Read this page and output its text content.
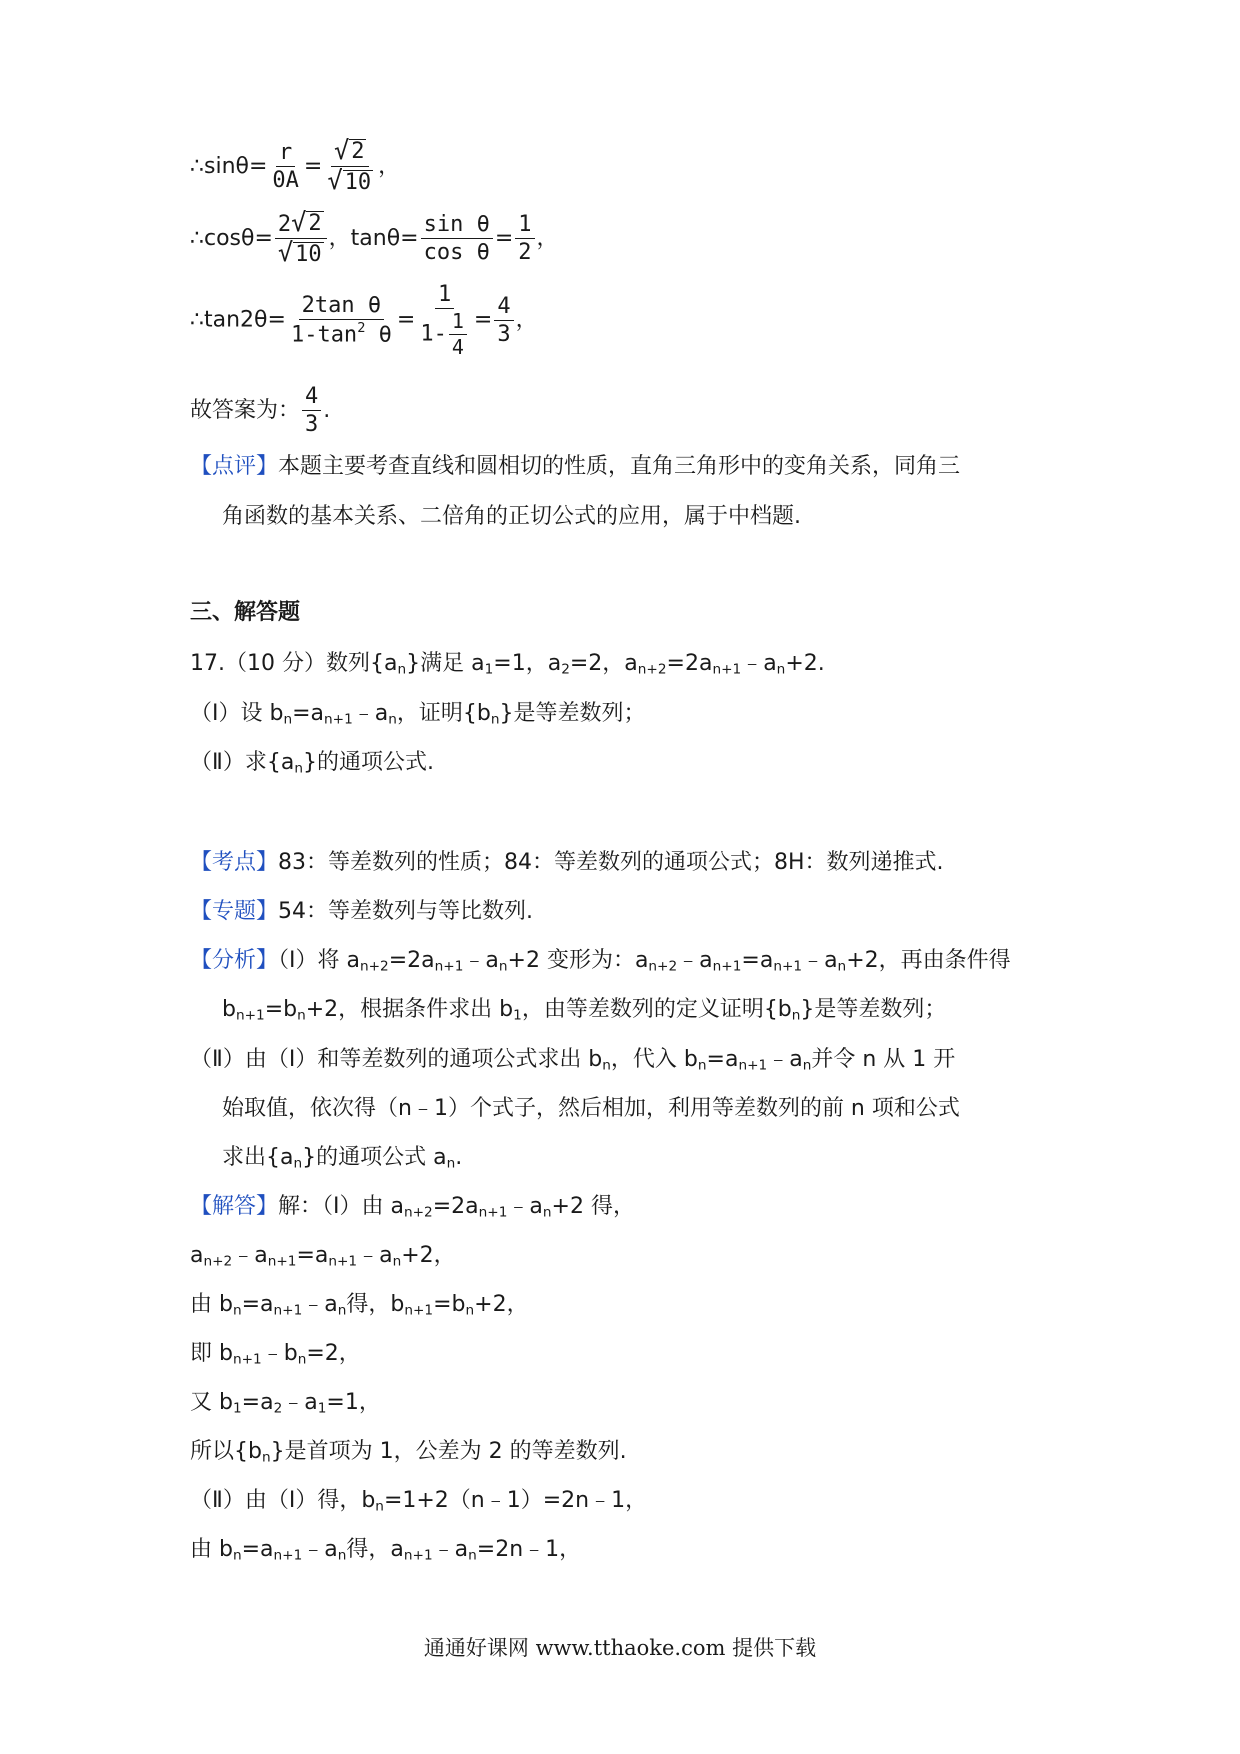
∴sinθ= $\frac{r}{0A} = \frac{√ 2}{√ 10}$ ，
∴cosθ= $\frac{2 √ 2}{√ 10}$ ，$\tan\theta= \frac{\text{sin θ}}{\text{cos θ}} = \frac{1}{2}$ ，
∴tan2θ= $\frac{\text{2tan θ}}{1-\tan^2 \theta} = \frac{1}{1- \frac{1}{4}} = \frac{4}{3}$ ，
故答案为： $\frac{4}{3}$ .
【点评】本题主要考查直线和圆相切的性质，直角三角形中的变角关系，同角三
角函数的基本关系、二倍角的正切公式的应用，属于中档题.
三、解答题
17.（10 分）数列$\{a_n\}$满足 $a_1=1$，$a_2=2$，$a_{n+2}=2a_{n+1}﹣a_n+2$.
（Ⅰ）设 $b_n=a_{n+1}﹣a_n$，证明$\{b_n\}$是等差数列；
（Ⅱ）求$\{a_n\}$的通项公式.
【考点】83：等差数列的性质；84：等差数列的通项公式；8H：数列递推式.
【专题】54：等差数列与等比数列.
【分析】（Ⅰ）将 $a_{n+2}=2a_{n+1}﹣a_n+2$ 变形为：$a_{n+2}﹣a_{n+1}=a_{n+1}﹣a_n+2$，再由条件得
$b_{n+1}=b_n+2$，根据条件求出 $b_1$，由等差数列的定义证明$\{b_n\}$是等差数列；
（Ⅱ）由（Ⅰ）和等差数列的通项公式求出 $b_n$，代入 $b_n=a_{n+1}﹣a_n$并令 n 从 1 开
始取值，依次得（n﹣1）个式子，然后相加，利用等差数列的前 n 项和公式
求出$\{a_n\}$的通项公式 $a_n$.
【解答】解：（Ⅰ）由 $a_{n+2}=2a_{n+1}﹣a_n+2$ 得，
$a_{n+2}﹣a_{n+1}=a_{n+1}﹣a_n+2$，
由 $b_n=a_{n+1}﹣a_n$得，$b_{n+1}=b_n+2$，
即 $b_{n+1}﹣b_n=2$，
又 $b_1=a_2﹣a_1=1$，
所以$\{b_n\}$是首项为 1，公差为 2 的等差数列.
（Ⅱ）由（Ⅰ）得，$b_n=1+2(n﹣1)=2n﹣1$，
由 $b_n=a_{n+1}﹣a_n$得，$a_{n+1}﹣a_n=2n﹣1$，
通通好课网 www.tthaoke.com 提供下载
